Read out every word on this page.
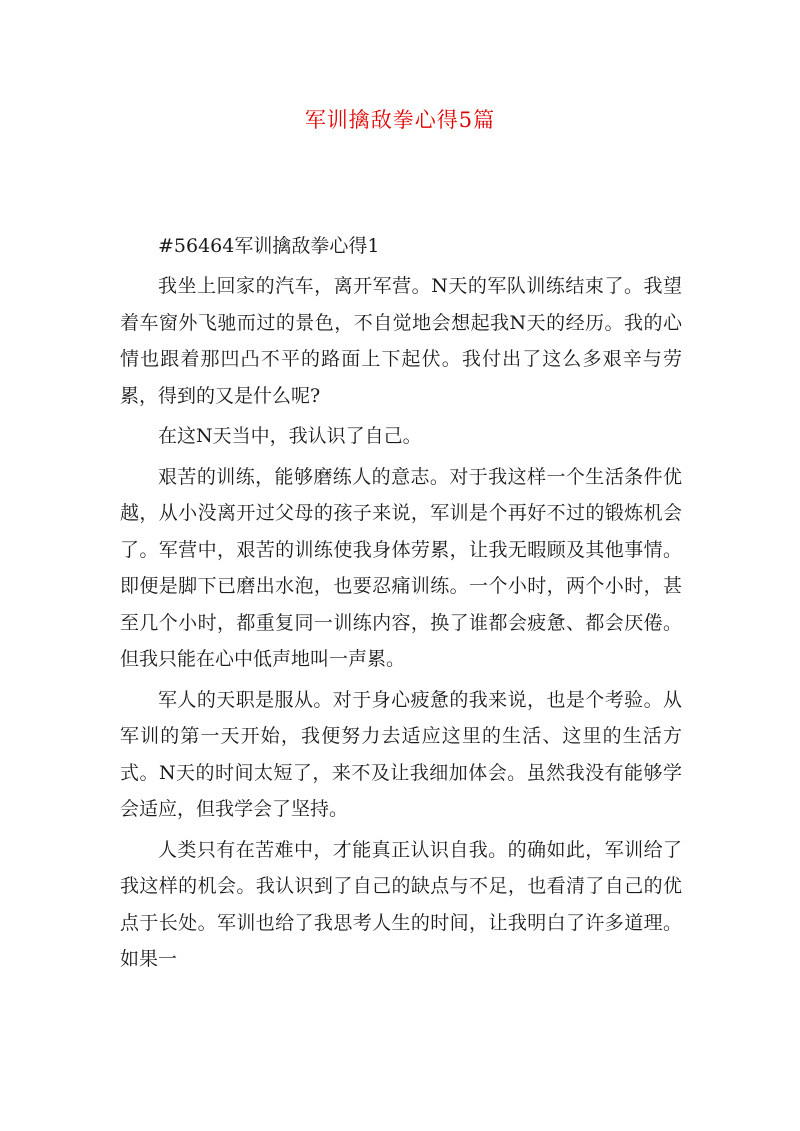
军训擒敌拳心得5篇

#56464军训擒敌拳心得1

我坐上回家的汽车，离开军营。N天的军队训练结束了。我望着车窗外飞驰而过的景色，不自觉地会想起我N天的经历。我的心情也跟着那凹凸不平的路面上下起伏。我付出了这么多艰辛与劳累，得到的又是什么呢?

在这N天当中，我认识了自己。

艰苦的训练，能够磨练人的意志。对于我这样一个生活条件优越，从小没离开过父母的孩子来说，军训是个再好不过的锻炼机会了。军营中，艰苦的训练使我身体劳累，让我无暇顾及其他事情。即便是脚下已磨出水泡，也要忍痛训练。一个小时，两个小时，甚至几个小时，都重复同一训练内容，换了谁都会疲惫、都会厌倦。但我只能在心中低声地叫一声累。

军人的天职是服从。对于身心疲惫的我来说，也是个考验。从军训的第一天开始，我便努力去适应这里的生活、这里的生活方式。N天的时间太短了，来不及让我细加体会。虽然我没有能够学会适应，但我学会了坚持。

人类只有在苦难中，才能真正认识自我。的确如此，军训给了我这样的机会。我认识到了自己的缺点与不足，也看清了自己的优点于长处。军训也给了我思考人生的时间，让我明白了许多道理。如果一
